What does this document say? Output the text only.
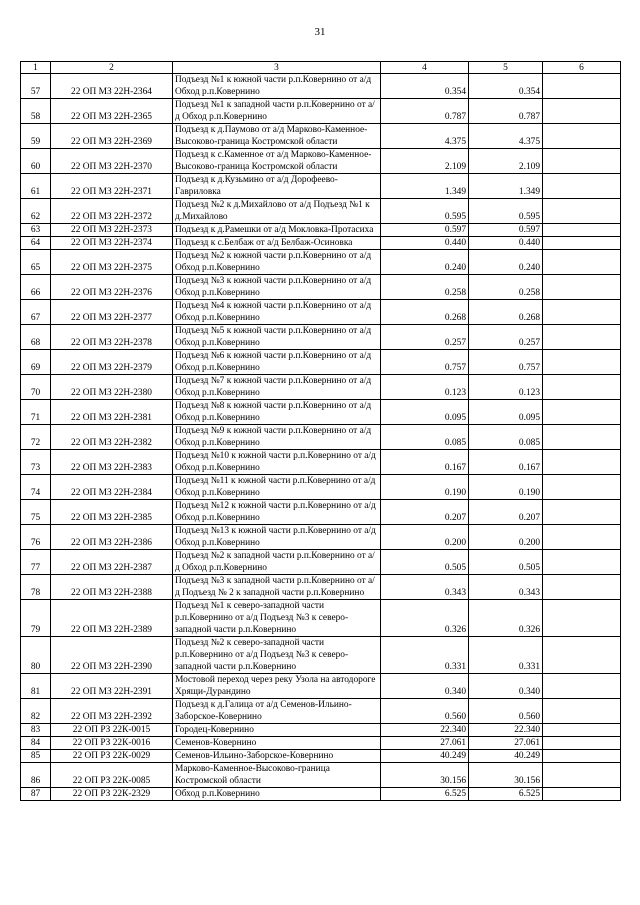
31
1	2	3	4	5	6
57	22 ОП МЗ 22Н-2364	Подъезд №1 к южной части р.п.Ковернино от а/д Обход р.п.Ковернино	0.354	0.354	
58	22 ОП МЗ 22Н-2365	Подъезд №1 к западной части р.п.Ковернино от а/д Обход р.п.Ковернино	0.787	0.787	
59	22 ОП МЗ 22Н-2369	Подъезд к д.Паумово от а/д Марково-Каменное-Высоково-граница Костромской области	4.375	4.375	
60	22 ОП МЗ 22Н-2370	Подъезд к с.Каменное от а/д Марково-Каменное-Высоково-граница Костромской области	2.109	2.109	
61	22 ОП МЗ 22Н-2371	Подъезд к д.Кузьмино от а/д Дорофеево-Гавриловка	1.349	1.349	
62	22 ОП МЗ 22Н-2372	Подъезд №2 к д.Михайлово от а/д Подъезд №1 к д.Михайлово	0.595	0.595	
63	22 ОП МЗ 22Н-2373	Подъезд к д.Рамешки от а/д Мокловка-Протасиха	0.597	0.597	
64	22 ОП МЗ 22Н-2374	Подъезд к с.Белбаж от а/д Белбаж-Осиновка	0.440	0.440	
65	22 ОП МЗ 22Н-2375	Подъезд №2 к южной части р.п.Ковернино от а/д Обход р.п.Ковернино	0.240	0.240	
66	22 ОП МЗ 22Н-2376	Подъезд №3 к южной части р.п.Ковернино от а/д Обход р.п.Ковернино	0.258	0.258	
67	22 ОП МЗ 22Н-2377	Подъезд №4 к южной части р.п.Ковернино от а/д Обход р.п.Ковернино	0.268	0.268	
68	22 ОП МЗ 22Н-2378	Подъезд №5 к южной части р.п.Ковернино от а/д Обход р.п.Ковернино	0.257	0.257	
69	22 ОП МЗ 22Н-2379	Подъезд №6 к южной части р.п.Ковернино от а/д Обход р.п.Ковернино	0.757	0.757	
70	22 ОП МЗ 22Н-2380	Подъезд №7 к южной части р.п.Ковернино от а/д Обход р.п.Ковернино	0.123	0.123	
71	22 ОП МЗ 22Н-2381	Подъезд №8 к южной части р.п.Ковернино от а/д Обход р.п.Ковернино	0.095	0.095	
72	22 ОП МЗ 22Н-2382	Подъезд №9 к южной части р.п.Ковернино от а/д Обход р.п.Ковернино	0.085	0.085	
73	22 ОП МЗ 22Н-2383	Подъезд №10 к южной части р.п.Ковернино от а/д Обход р.п.Ковернино	0.167	0.167	
74	22 ОП МЗ 22Н-2384	Подъезд №11 к южной части р.п.Ковернино от а/д Обход р.п.Ковернино	0.190	0.190	
75	22 ОП МЗ 22Н-2385	Подъезд №12 к южной части р.п.Ковернино от а/д Обход р.п.Ковернино	0.207	0.207	
76	22 ОП МЗ 22Н-2386	Подъезд №13 к южной части р.п.Ковернино от а/д Обход р.п.Ковернино	0.200	0.200	
77	22 ОП МЗ 22Н-2387	Подъезд №2 к западной части р.п.Ковернино от а/д Обход р.п.Ковернино	0.505	0.505	
78	22 ОП МЗ 22Н-2388	Подъезд №3 к западной части р.п.Ковернино от а/д Подъезд № 2 к западной части р.п.Ковернино	0.343	0.343	
79	22 ОП МЗ 22Н-2389	Подъезд №1 к северо-западной части р.п.Ковернино от а/д Подъезд №3 к северо-западной части р.п.Ковернино	0.326	0.326	
80	22 ОП МЗ 22Н-2390	Подъезд №2 к северо-западной части р.п.Ковернино от а/д Подъезд №3 к северо-западной части р.п.Ковернино	0.331	0.331	
81	22 ОП МЗ 22Н-2391	Мостовой переход через реку Узола на автодороге Хрящи-Дурандино	0.340	0.340	
82	22 ОП МЗ 22Н-2392	Подъезд к д.Галица от а/д Семенов-Ильино-Заборское-Ковернино	0.560	0.560	
83	22 ОП РЗ 22К-0015	Городец-Ковернино	22.340	22.340	
84	22 ОП РЗ 22К-0016	Семенов-Ковернино	27.061	27.061	
85	22 ОП РЗ 22К-0029	Семенов-Ильино-Заборское-Ковернино	40.249	40.249	
86	22 ОП РЗ 22К-0085	Марково-Каменное-Высоково-граница Костромской области	30.156	30.156	
87	22 ОП РЗ 22К-2329	Обход р.п.Ковернино	6.525	6.525	
